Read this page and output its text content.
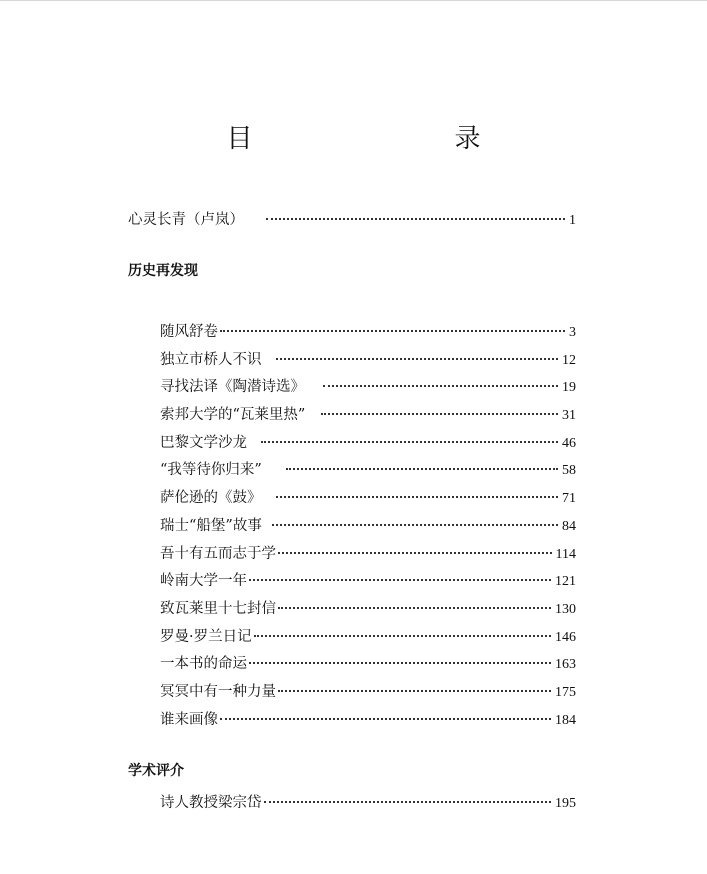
目　　录
心灵长青（卢岚）	1
历史再发现
随风舒卷	3
独立市桥人不识	12
寻找法译《陶潜诗选》	19
索邦大学的“瓦莱里热”	31
巴黎文学沙龙	46
“我等待你归来”	58
萨伦逊的《鼓》	71
瑞士“船堡”故事	84
吾十有五而志于学	114
岭南大学一年	121
致瓦莱里十七封信	130
罗曼·罗兰日记	146
一本书的命运	163
冥冥中有一种力量	175
谁来画像	184
学术评介
诗人教授梁宗岱	195
